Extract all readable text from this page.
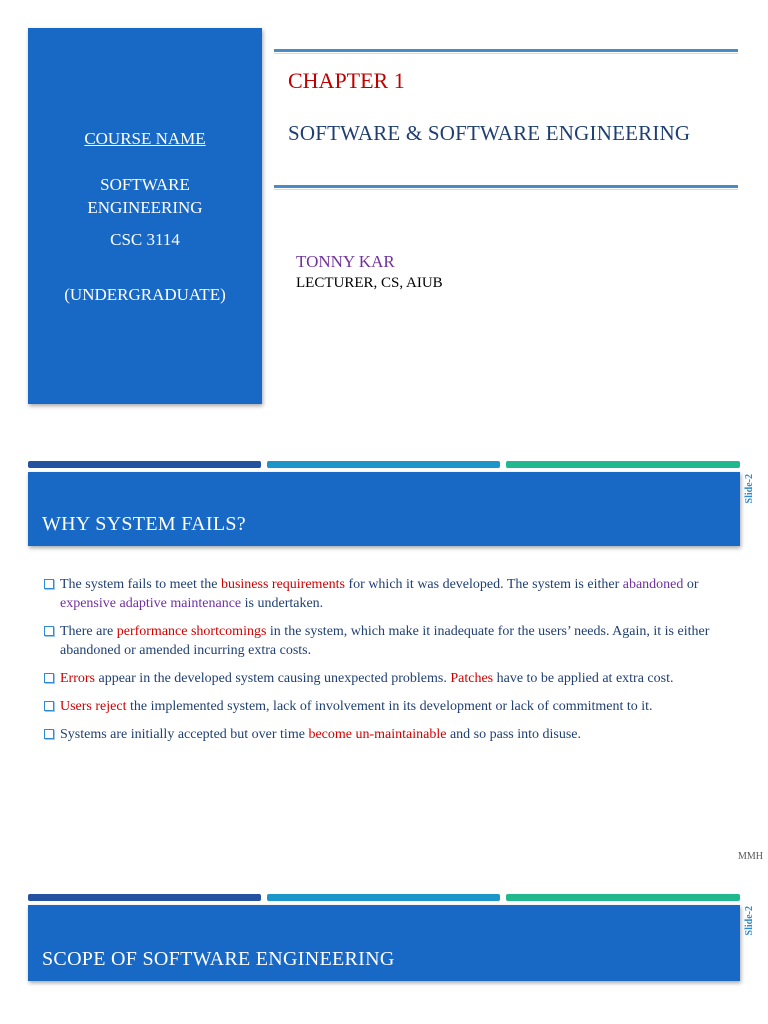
COURSE NAME
SOFTWARE
ENGINEERING
CSC 3114
(UNDERGRADUATE)
CHAPTER 1
SOFTWARE & SOFTWARE ENGINEERING
TONNY KAR
LECTURER, CS, AIUB
WHY SYSTEM FAILS?
Slide-2
The system fails to meet the business requirements for which it was developed. The system is either abandoned or expensive adaptive maintenance is undertaken.
There are performance shortcomings in the system, which make it inadequate for the users’ needs. Again, it is either abandoned or amended incurring extra costs.
Errors appear in the developed system causing unexpected problems. Patches have to be applied at extra cost.
Users reject the implemented system, lack of involvement in its development or lack of commitment to it.
Systems are initially accepted but over time become un-maintainable and so pass into disuse.
MMH
SCOPE OF SOFTWARE ENGINEERING
Slide-2
